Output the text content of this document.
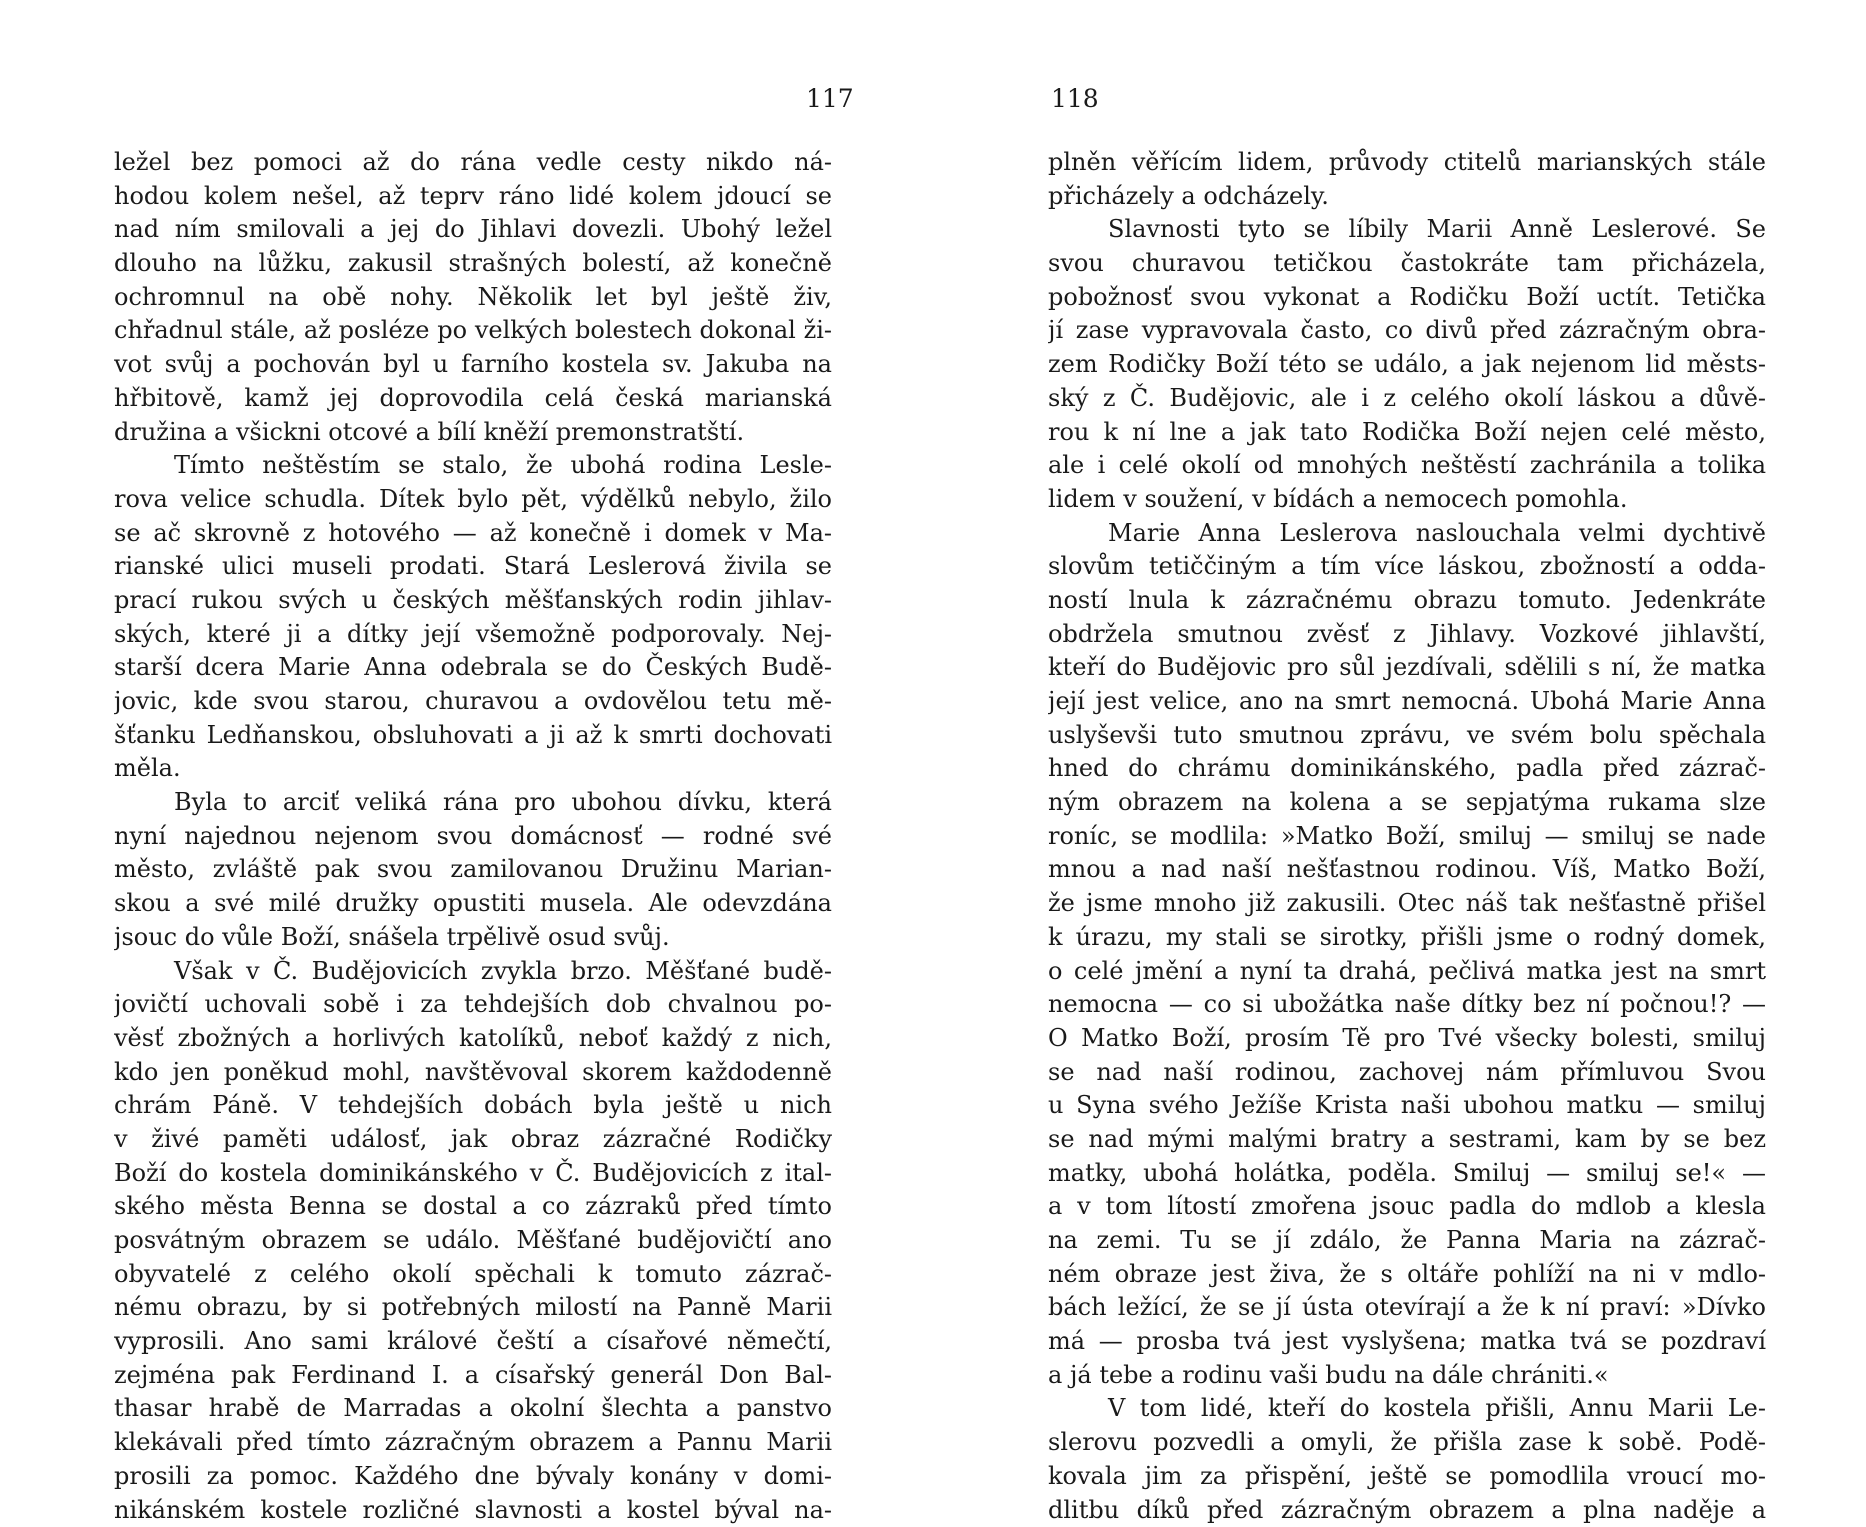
117
ležel bez pomoci až do rána vedle cesty nikdo ná-
hodou kolem nešel, až teprv ráno lidé kolem jdoucí se
nad ním smilovali a jej do Jihlavi dovezli. Ubohý ležel
dlouho na lůžku, zakusil strašných bolestí, až konečně
ochromnul na obě nohy. Několik let byl ještě živ,
chřadnul stále, až posléze po velkých bolestech dokonal ži-
vot svůj a pochován byl u farního kostela sv. Jakuba na
hřbitově, kamž jej doprovodila celá česká marianská
družina a všickni otcové a bílí kněží premonstratští.
Tímto neštěstím se stalo, že ubohá rodina Lesle-
rova velice schudla. Dítek bylo pět, výdělků nebylo, žilo
se ač skrovně z hotového — až konečně i domek v Ma-
rianské ulici museli prodati. Stará Leslerová živila se
prací rukou svých u českých měšťanských rodin jihlav-
ských, které ji a dítky její všemožně podporovaly. Nej-
starší dcera Marie Anna odebrala se do Českých Budě-
jovic, kde svou starou, churavou a ovdovělou tetu mě-
šťanku Ledňanskou, obsluhovati a ji až k smrti dochovati
měla.
Byla to arciť veliká rána pro ubohou dívku, která
nyní najednou nejenom svou domácnosť — rodné své
město, zvláště pak svou zamilovanou Družinu Marian-
skou a své milé družky opustiti musela. Ale odevzdána
jsouc do vůle Boží, snášela trpělivě osud svůj.
Však v Č. Budějovicích zvykla brzo. Měšťané budě-
jovičtí uchovali sobě i za tehdejších dob chvalnou po-
věsť zbožných a horlivých katolíků, neboť každý z nich,
kdo jen poněkud mohl, navštěvoval skorem každodenně
chrám Páně. V tehdejších dobách byla ještě u nich
v živé paměti událosť, jak obraz zázračné Rodičky
Boží do kostela dominikánského v Č. Budějovicích z ital-
ského města Benna se dostal a co zázraků před tímto
posvátným obrazem se událo. Měšťané budějovičtí ano
obyvatelé z celého okolí spěchali k tomuto zázrač-
nému obrazu, by si potřebných milostí na Panně Marii
vyprosili. Ano sami králové čeští a císařové němečtí,
zejména pak Ferdinand I. a císařský generál Don Bal-
thasar hrabě de Marradas a okolní šlechta a panstvo
klekávali před tímto zázračným obrazem a Pannu Marii
prosili za pomoc. Každého dne bývaly konány v domi-
nikánském kostele rozličné slavnosti a kostel býval na-
118
plněn věřícím lidem, průvody ctitelů marianských stále
přicházely a odcházely.
Slavnosti tyto se líbily Marii Anně Leslerové. Se
svou churavou tetičkou častokráte tam přicházela,
pobožnosť svou vykonat a Rodičku Boží uctít. Tetička
jí zase vypravovala často, co divů před zázračným obra-
zem Rodičky Boží této se událo, a jak nejenom lid městs-
ský z Č. Budějovic, ale i z celého okolí láskou a důvě-
rou k ní lne a jak tato Rodička Boží nejen celé město,
ale i celé okolí od mnohých neštěstí zachránila a tolika
lidem v soužení, v bídách a nemocech pomohla.
Marie Anna Leslerova naslouchala velmi dychtivě
slovům tetiččiným a tím více láskou, zbožností a odda-
ností lnula k zázračnému obrazu tomuto. Jedenkráte
obdržela smutnou zvěsť z Jihlavy. Vozkové jihlavští,
kteří do Budějovic pro sůl jezdívali, sdělili s ní, že matka
její jest velice, ano na smrt nemocná. Ubohá Marie Anna
uslyševši tuto smutnou zprávu, ve svém bolu spěchala
hned do chrámu dominikánského, padla před zázrač-
ným obrazem na kolena a se sepjatýma rukama slze
roníc, se modlila: »Matko Boží, smiluj — smiluj se nade
mnou a nad naší nešťastnou rodinou. Víš, Matko Boží,
že jsme mnoho již zakusili. Otec náš tak nešťastně přišel
k úrazu, my stali se sirotky, přišli jsme o rodný domek,
o celé jmění a nyní ta drahá, pečlivá matka jest na smrt
nemocna — co si ubožátka naše dítky bez ní počnou!? —
O Matko Boží, prosím Tě pro Tvé všecky bolesti, smiluj
se nad naší rodinou, zachovej nám přímluvou Svou
u Syna svého Ježíše Krista naši ubohou matku — smiluj
se nad mými malými bratry a sestrami, kam by se bez
matky, ubohá holátka, poděla. Smiluj — smiluj se!« —
a v tom lítostí zmořena jsouc padla do mdlob a klesla
na zemi. Tu se jí zdálo, že Panna Maria na zázrač-
ném obraze jest živa, že s oltáře pohlíží na ni v mdlo-
bách ležící, že se jí ústa otevírají a že k ní praví: »Dívko
má — prosba tvá jest vyslyšena; matka tvá se pozdraví
a já tebe a rodinu vaši budu na dále chrániti.«
V tom lidé, kteří do kostela přišli, Annu Marii Le-
slerovu pozvedli a omyli, že přišla zase k sobě. Podě-
kovala jim za přispění, ještě se pomodlila vroucí mo-
dlitbu díků před zázračným obrazem a plna naděje a
